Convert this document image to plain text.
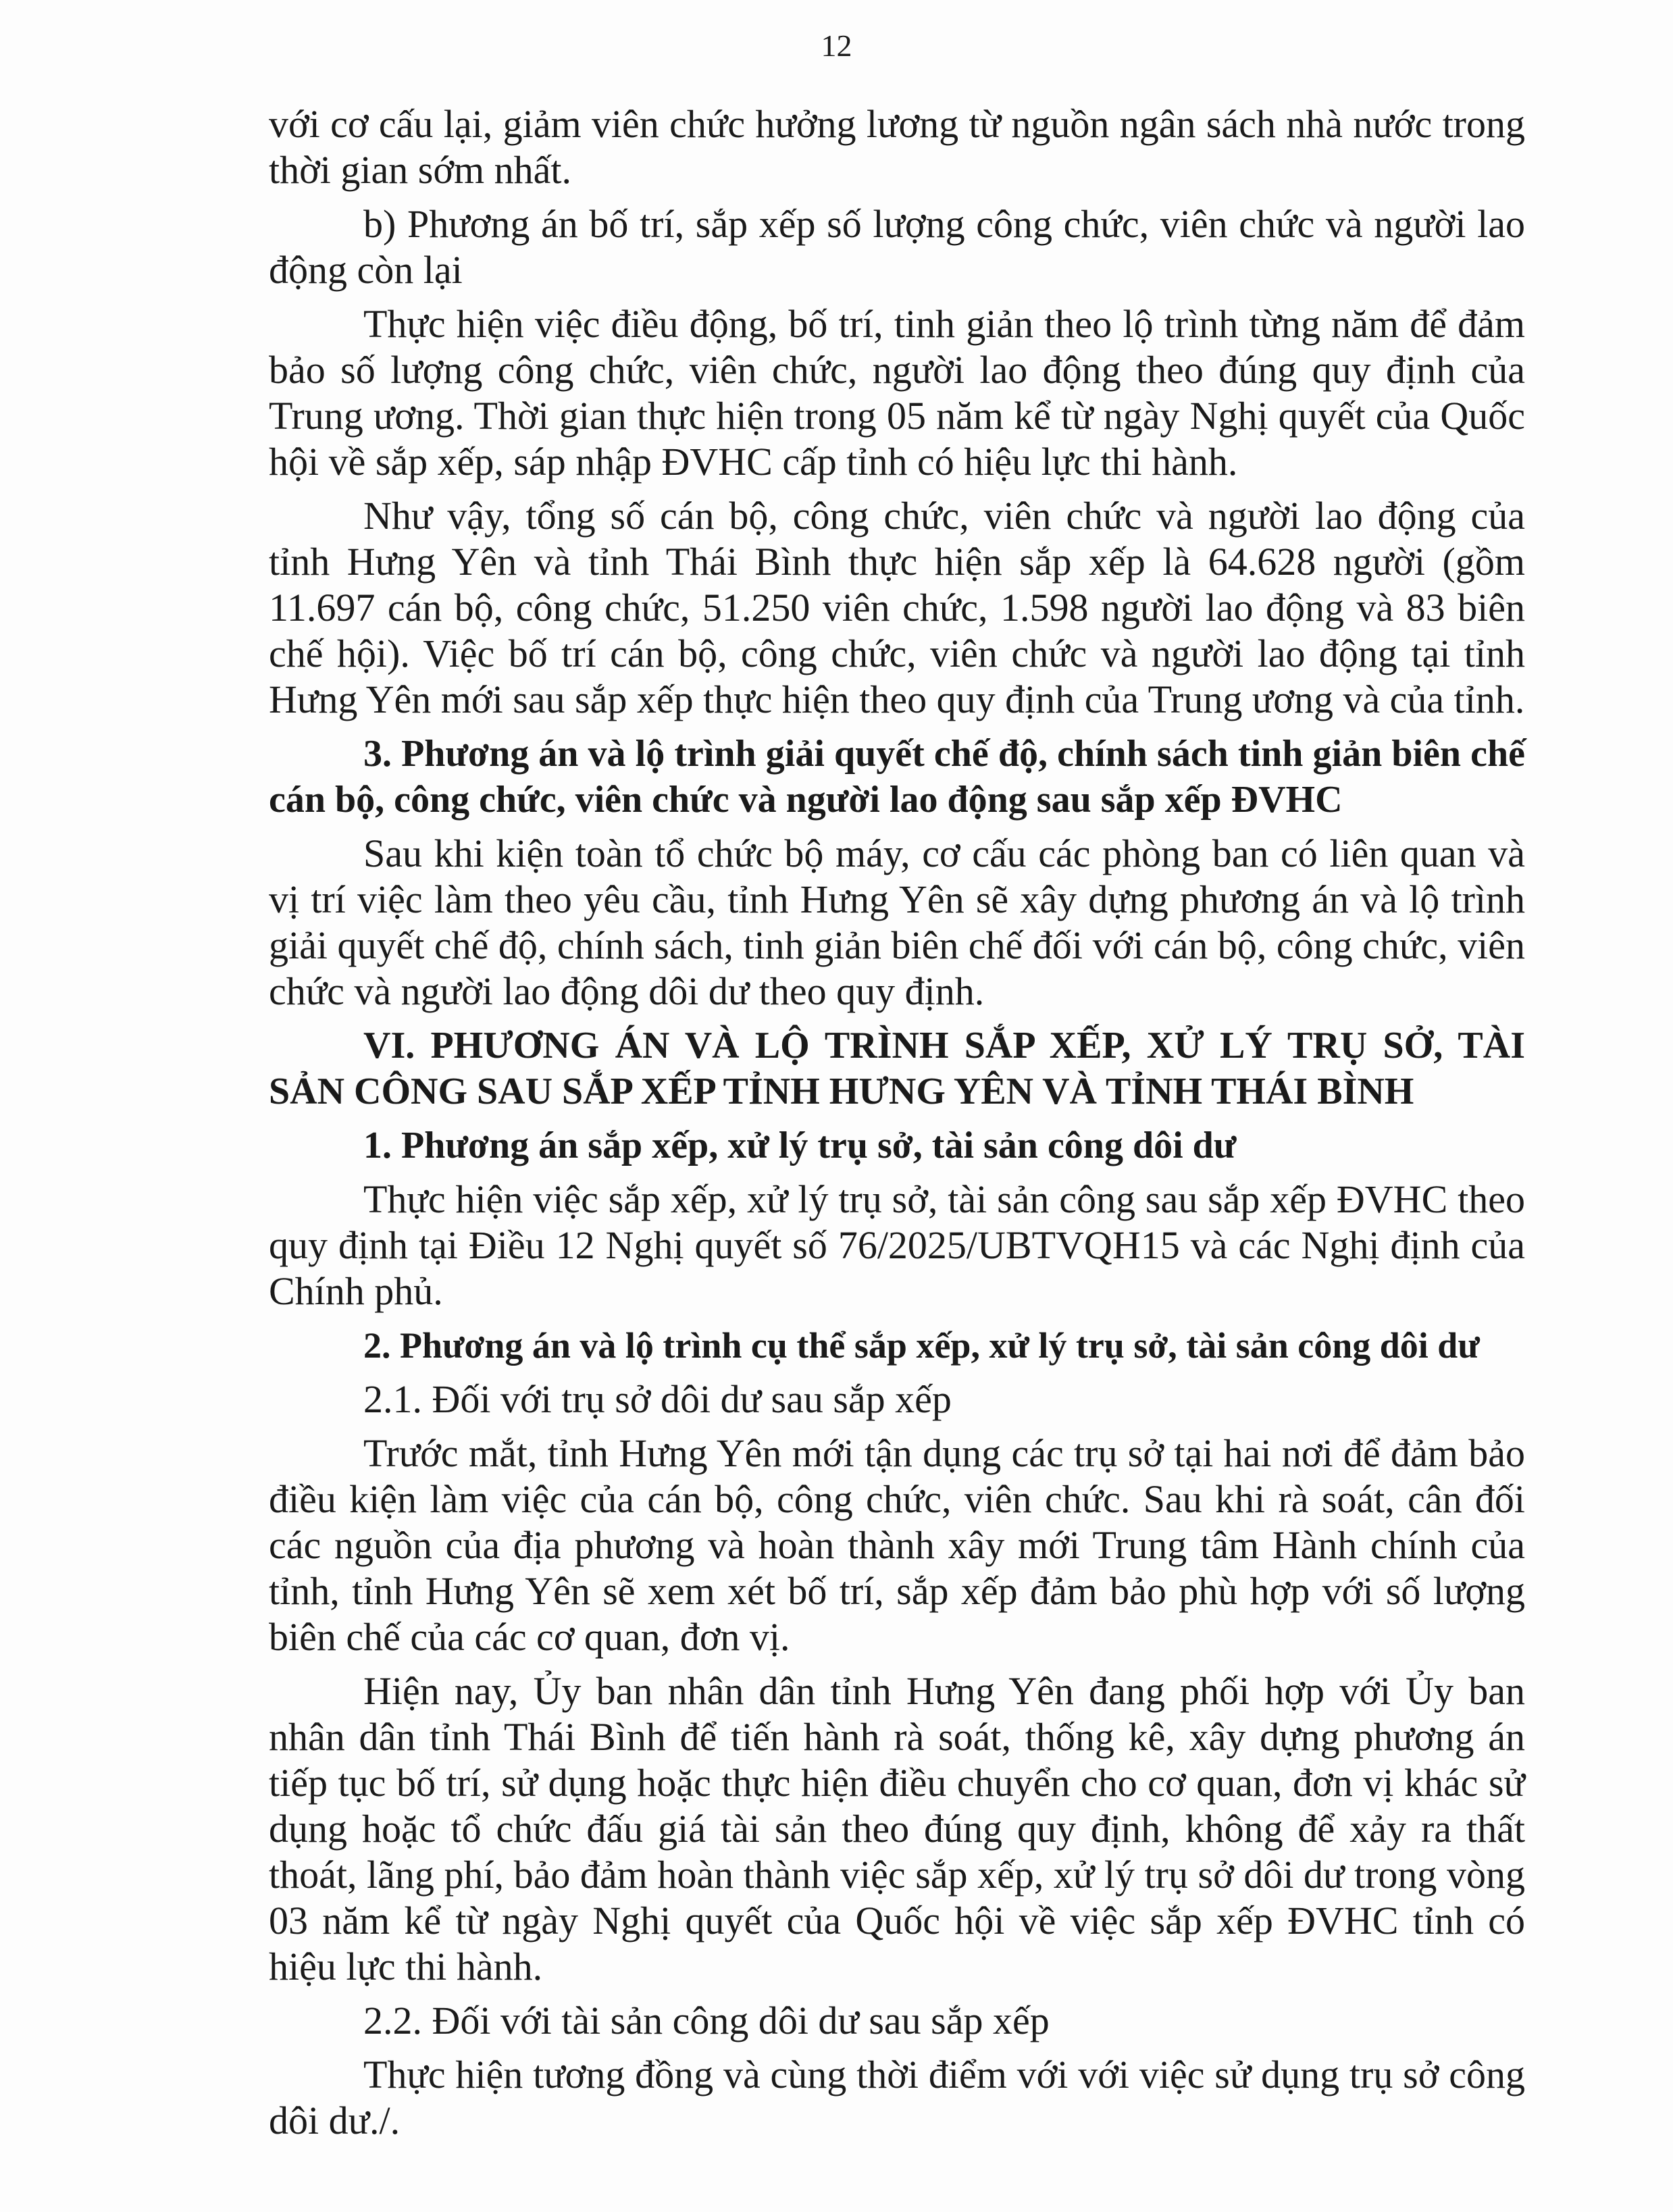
12

với cơ cấu lại, giảm viên chức hưởng lương từ nguồn ngân sách nhà nước trong thời gian sớm nhất.

b) Phương án bố trí, sắp xếp số lượng công chức, viên chức và người lao động còn lại

Thực hiện việc điều động, bố trí, tinh giản theo lộ trình từng năm để đảm bảo số lượng công chức, viên chức, người lao động theo đúng quy định của Trung ương. Thời gian thực hiện trong 05 năm kể từ ngày Nghị quyết của Quốc hội về sắp xếp, sáp nhập ĐVHC cấp tỉnh có hiệu lực thi hành.

Như vậy, tổng số cán bộ, công chức, viên chức và người lao động của tỉnh Hưng Yên và tỉnh Thái Bình thực hiện sắp xếp là 64.628 người (gồm 11.697 cán bộ, công chức, 51.250 viên chức, 1.598 người lao động và 83 biên chế hội). Việc bố trí cán bộ, công chức, viên chức và người lao động tại tỉnh Hưng Yên mới sau sắp xếp thực hiện theo quy định của Trung ương và của tỉnh.

3. Phương án và lộ trình giải quyết chế độ, chính sách tinh giản biên chế cán bộ, công chức, viên chức và người lao động sau sắp xếp ĐVHC

Sau khi kiện toàn tổ chức bộ máy, cơ cấu các phòng ban có liên quan và vị trí việc làm theo yêu cầu, tỉnh Hưng Yên sẽ xây dựng phương án và lộ trình giải quyết chế độ, chính sách, tinh giản biên chế đối với cán bộ, công chức, viên chức và người lao động dôi dư theo quy định.

VI. PHƯƠNG ÁN VÀ LỘ TRÌNH SẮP XẾP, XỬ LÝ TRỤ SỞ, TÀI SẢN CÔNG SAU SẮP XẾP TỈNH HƯNG YÊN VÀ TỈNH THÁI BÌNH

1. Phương án sắp xếp, xử lý trụ sở, tài sản công dôi dư

Thực hiện việc sắp xếp, xử lý trụ sở, tài sản công sau sắp xếp ĐVHC theo quy định tại Điều 12 Nghị quyết số 76/2025/UBTVQH15 và các Nghị định của Chính phủ.

2. Phương án và lộ trình cụ thể sắp xếp, xử lý trụ sở, tài sản công dôi dư

2.1. Đối với trụ sở dôi dư sau sắp xếp

Trước mắt, tỉnh Hưng Yên mới tận dụng các trụ sở tại hai nơi để đảm bảo điều kiện làm việc của cán bộ, công chức, viên chức. Sau khi rà soát, cân đối các nguồn của địa phương và hoàn thành xây mới Trung tâm Hành chính của tỉnh, tỉnh Hưng Yên sẽ xem xét bố trí, sắp xếp đảm bảo phù hợp với số lượng biên chế của các cơ quan, đơn vị.

Hiện nay, Ủy ban nhân dân tỉnh Hưng Yên đang phối hợp với Ủy ban nhân dân tỉnh Thái Bình để tiến hành rà soát, thống kê, xây dựng phương án tiếp tục bố trí, sử dụng hoặc thực hiện điều chuyển cho cơ quan, đơn vị khác sử dụng hoặc tổ chức đấu giá tài sản theo đúng quy định, không để xảy ra thất thoát, lãng phí, bảo đảm hoàn thành việc sắp xếp, xử lý trụ sở dôi dư trong vòng 03 năm kể từ ngày Nghị quyết của Quốc hội về việc sắp xếp ĐVHC tỉnh có hiệu lực thi hành.

2.2. Đối với tài sản công dôi dư sau sắp xếp

Thực hiện tương đồng và cùng thời điểm với với việc sử dụng trụ sở công dôi dư./.
